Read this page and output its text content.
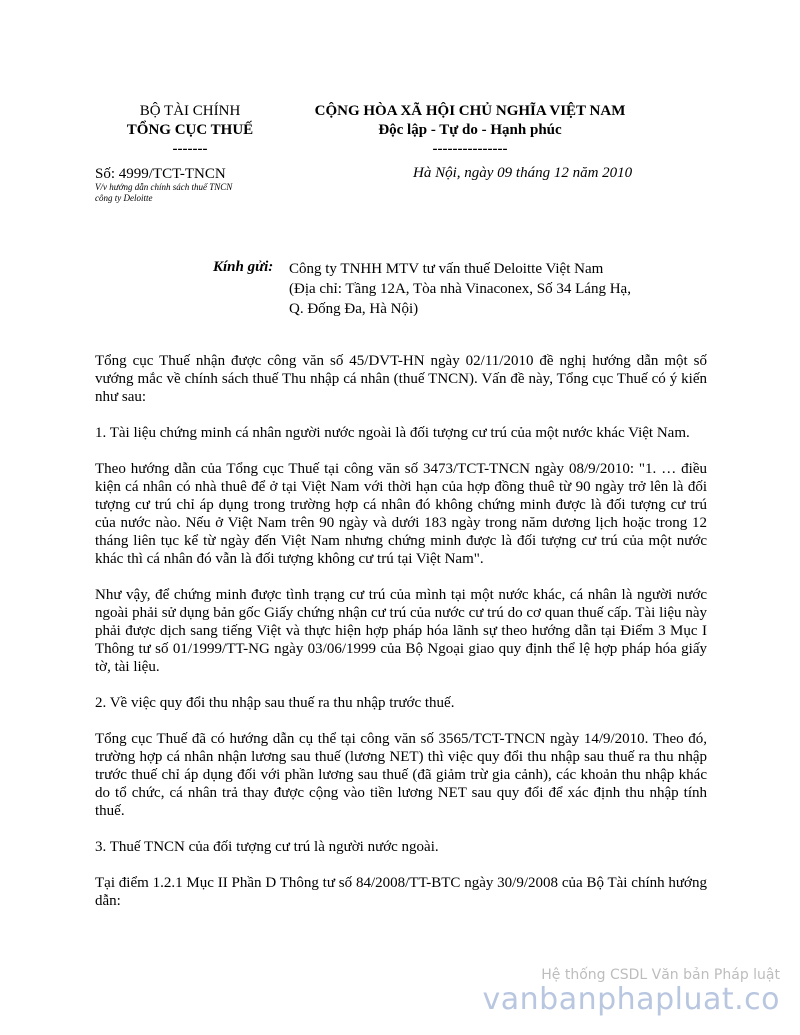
BỘ TÀI CHÍNH
TỔNG CỤC THUẾ
-------
CỘNG HÒA XÃ HỘI CHỦ NGHĨA VIỆT NAM
Độc lập - Tự do - Hạnh phúc
---------------
Số: 4999/TCT-TNCN
V/v hướng dẫn chính sách thuế TNCN
công ty Deloitte
Hà Nội, ngày 09 tháng 12 năm 2010
Kính gửi: Công ty TNHH MTV tư vấn thuế Deloitte Việt Nam
(Địa chỉ: Tầng 12A, Tòa nhà Vinaconex, Số 34 Láng Hạ, Q. Đống Đa, Hà Nội)

Tổng cục Thuế nhận được công văn số 45/DVT-HN ngày 02/11/2010 đề nghị hướng dẫn một số vướng mắc về chính sách thuế Thu nhập cá nhân (thuế TNCN). Vấn đề này, Tổng cục Thuế có ý kiến như sau:

1. Tài liệu chứng minh cá nhân người nước ngoài là đối tượng cư trú của một nước khác Việt Nam.

Theo hướng dẫn của Tổng cục Thuế tại công văn số 3473/TCT-TNCN ngày 08/9/2010: "1. … điều kiện cá nhân có nhà thuê để ở tại Việt Nam với thời hạn của hợp đồng thuê từ 90 ngày trở lên là đối tượng cư trú chỉ áp dụng trong trường hợp cá nhân đó không chứng minh được là đối tượng cư trú của nước nào. Nếu ở Việt Nam trên 90 ngày và dưới 183 ngày trong năm dương lịch hoặc trong 12 tháng liên tục kể từ ngày đến Việt Nam nhưng chứng minh được là đối tượng cư trú của một nước khác thì cá nhân đó vẫn là đối tượng không cư trú tại Việt Nam".

Như vậy, để chứng minh được tình trạng cư trú của mình tại một nước khác, cá nhân là người nước ngoài phải sử dụng bản gốc Giấy chứng nhận cư trú của nước cư trú do cơ quan thuế cấp. Tài liệu này phải được dịch sang tiếng Việt và thực hiện hợp pháp hóa lãnh sự theo hướng dẫn tại Điểm 3 Mục I Thông tư số 01/1999/TT-NG ngày 03/06/1999 của Bộ Ngoại giao quy định thể lệ hợp pháp hóa giấy tờ, tài liệu.

2. Về việc quy đổi thu nhập sau thuế ra thu nhập trước thuế.

Tổng cục Thuế đã có hướng dẫn cụ thể tại công văn số 3565/TCT-TNCN ngày 14/9/2010. Theo đó, trường hợp cá nhân nhận lương sau thuế (lương NET) thì việc quy đổi thu nhập sau thuế ra thu nhập trước thuế chỉ áp dụng đối với phần lương sau thuế (đã giảm trừ gia cảnh), các khoản thu nhập khác do tổ chức, cá nhân trả thay được cộng vào tiền lương NET sau quy đổi để xác định thu nhập tính thuế.

3. Thuế TNCN của đối tượng cư trú là người nước ngoài.

Tại điểm 1.2.1 Mục II Phần D Thông tư số 84/2008/TT-BTC ngày 30/9/2008 của Bộ Tài chính hướng dẫn:

Hệ thống CSDL Văn bản Pháp luật
vanbanphapluat.co
